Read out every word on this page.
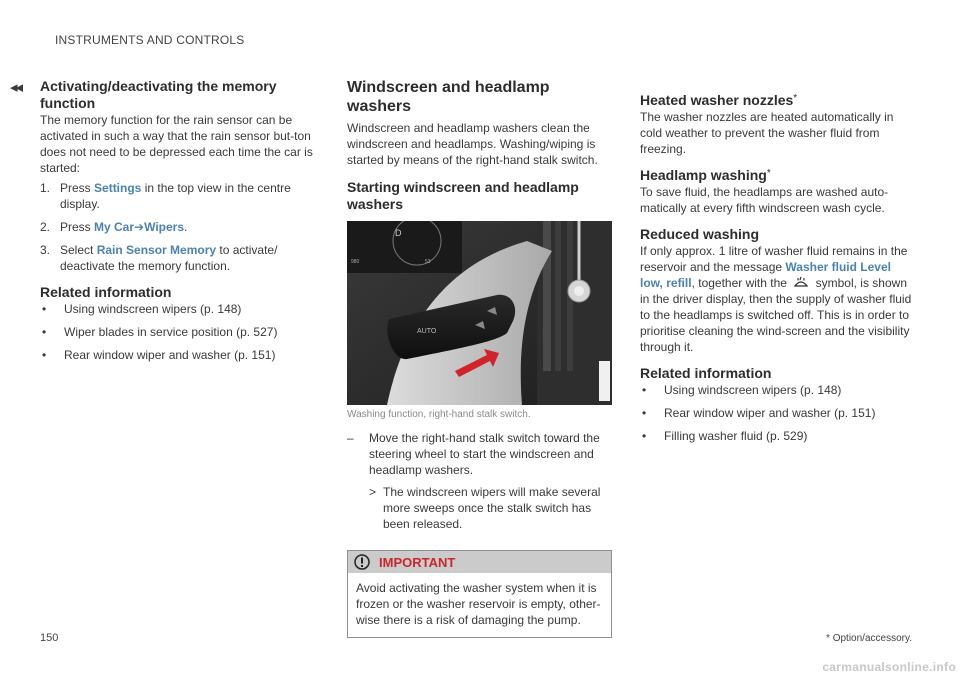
INSTRUMENTS AND CONTROLS
◂◂ Activating/deactivating the memory function

The memory function for the rain sensor can be activated in such a way that the rain sensor but-ton does not need to be depressed each time the car is started:

1. Press Settings in the top view in the centre display.
2. Press My Car➔Wipers.
3. Select Rain Sensor Memory to activate/ deactivate the memory function.
Related information
•	Using windscreen wipers (p. 148)
•	Wiper blades in service position (p. 527)
•	Rear window wiper and washer (p. 151)
Windscreen and headlamp washers

Windscreen and headlamp washers clean the windscreen and headlamps. Washing/wiping is started by means of the right-hand stalk switch.

Starting windscreen and headlamp washers
D
980	53
AUTO
Washing function, right-hand stalk switch.
–	Move the right-hand stalk switch toward the steering wheel to start the windscreen and headlamp washers.
> The windscreen wipers will make several more sweeps once the stalk switch has been released.
IMPORTANT
Avoid activating the washer system when it is frozen or the washer reservoir is empty, other-wise there is a risk of damaging the pump.
Heated washer nozzles*

The washer nozzles are heated automatically in cold weather to prevent the washer fluid from freezing.

Headlamp washing*

To save fluid, the headlamps are washed auto-matically at every fifth windscreen wash cycle.

Reduced washing

If only approx. 1 litre of washer fluid remains in the reservoir and the message Washer fluid Level low, refill, together with the  symbol, is shown in the driver display, then the supply of washer fluid to the headlamps is switched off. This is in order to prioritise cleaning the wind-screen and the visibility through it.

Related information
•	Using windscreen wipers (p. 148)
•	Rear window wiper and washer (p. 151)
•	Filling washer fluid (p. 529)
150	* Option/accessory.
carmanualsonline.info
